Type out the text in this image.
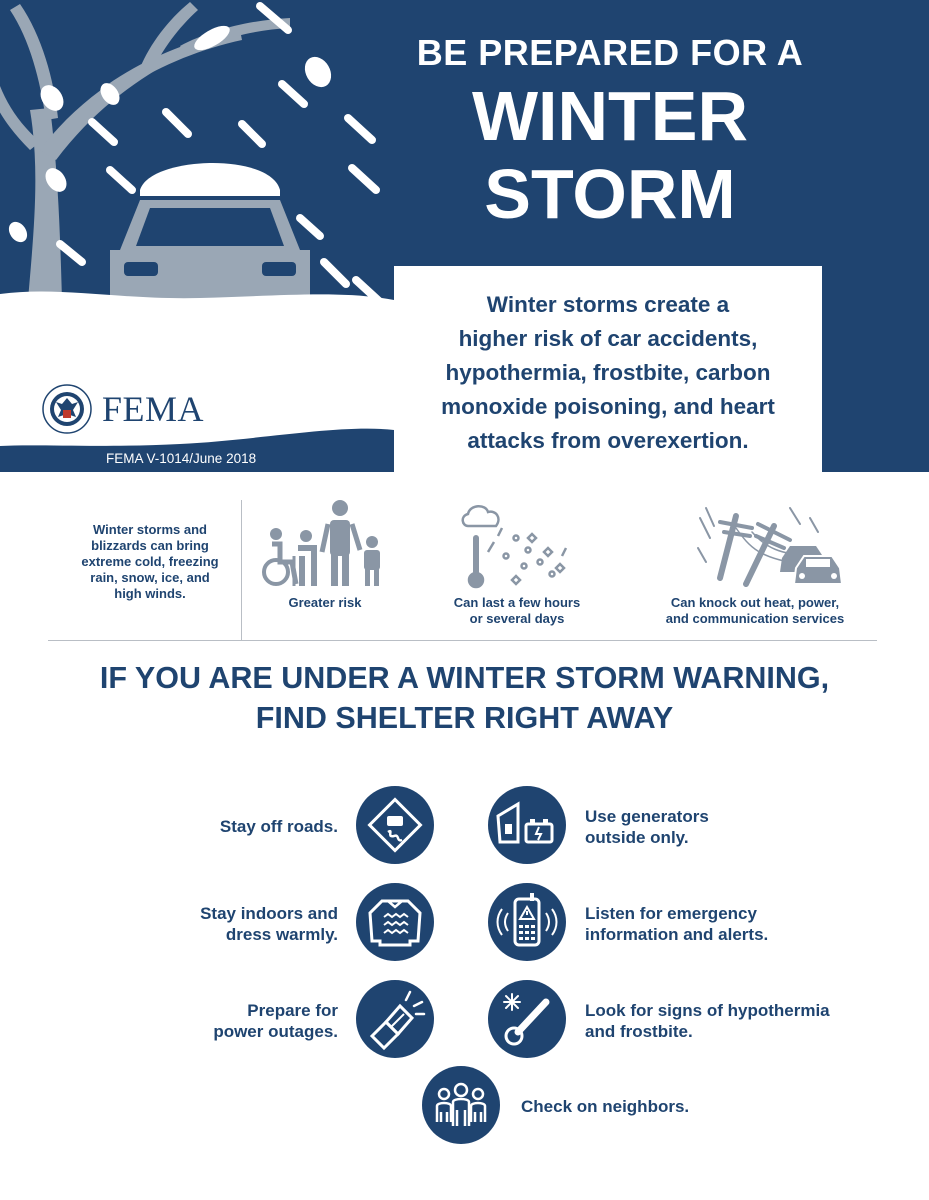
BE PREPARED FOR A
WINTER
STORM
Winter storms create a
higher risk of car accidents,
hypothermia, frostbite, carbon
monoxide poisoning, and heart
attacks from overexertion.
FEMA
FEMA V-1014/June 2018
Winter storms and
blizzards can bring
extreme cold, freezing
rain, snow, ice, and
high winds.
Greater risk	Can last a few hours
or several days
Can knock out heat, power,
and communication services
IF YOU ARE UNDER A WINTER STORM WARNING,
FIND SHELTER RIGHT AWAY
Stay off roads.
Use generators
outside only.
Stay indoors and
dress warmly.
Listen for emergency
information and alerts.
Prepare for
power outages.
Look for signs of hypothermia
and frostbite.
Check on neighbors.
